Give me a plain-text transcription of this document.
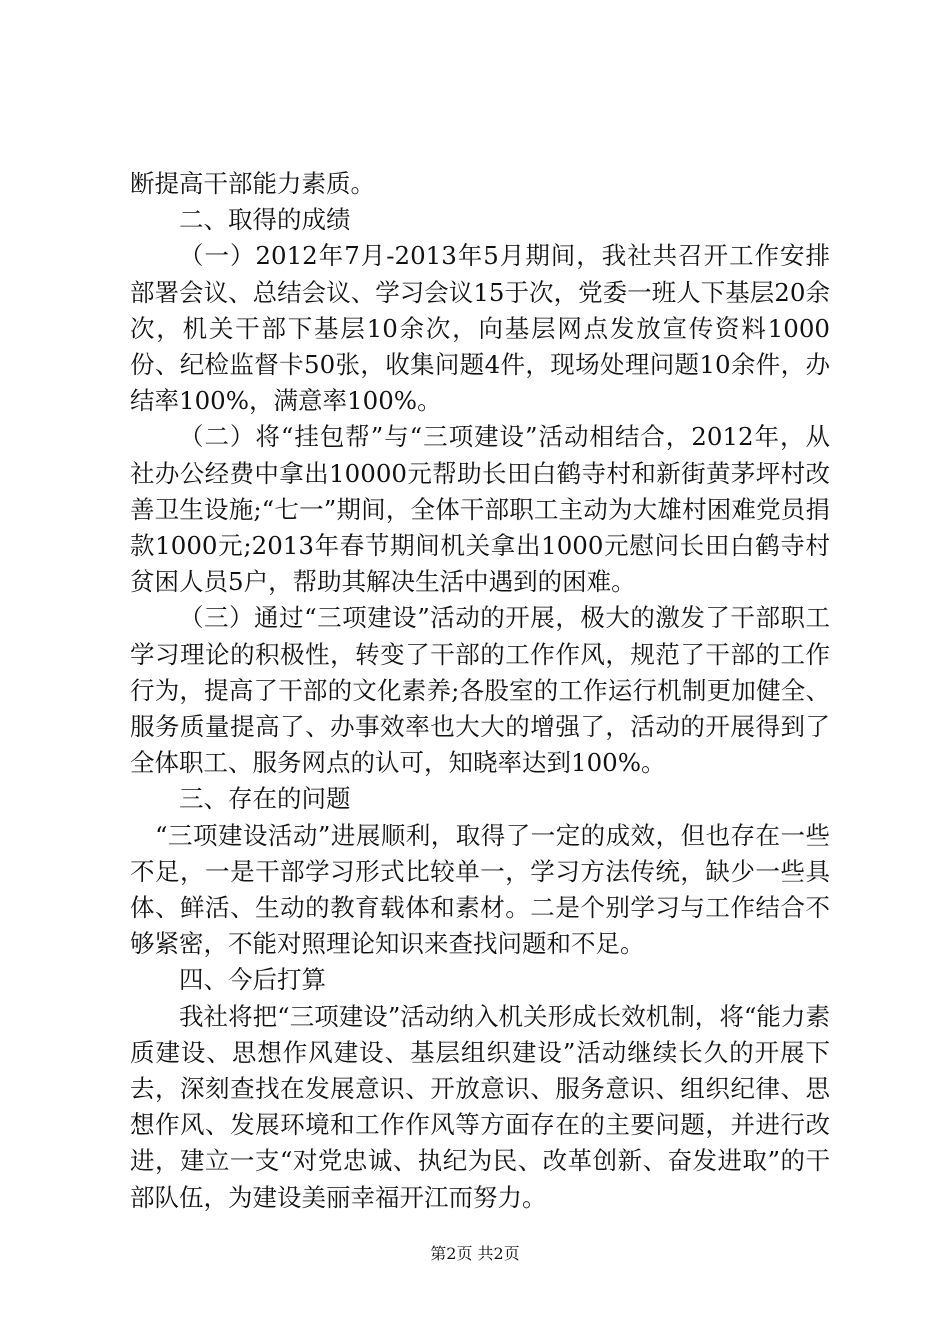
断提高干部能力素质。

二、取得的成绩

（一）2012年7月-2013年5月期间，我社共召开工作安排部署会议、总结会议、学习会议15于次，党委一班人下基层20余次，机关干部下基层10余次，向基层网点发放宣传资料1000份、纪检监督卡50张，收集问题4件，现场处理问题10余件，办结率100%，满意率100%。

（二）将“挂包帮”与“三项建设”活动相结合，2012年，从社办公经费中拿出10000元帮助长田白鹤寺村和新街黄茅坪村改善卫生设施;“七一”期间，全体干部职工主动为大雄村困难党员捐款1000元;2013年春节期间机关拿出1000元慰问长田白鹤寺村贫困人员5户，帮助其解决生活中遇到的困难。

（三）通过“三项建设”活动的开展，极大的激发了干部职工学习理论的积极性，转变了干部的工作作风，规范了干部的工作行为，提高了干部的文化素养;各股室的工作运行机制更加健全、服务质量提高了、办事效率也大大的增强了，活动的开展得到了全体职工、服务网点的认可，知晓率达到100%。

三、存在的问题

“三项建设活动”进展顺利，取得了一定的成效，但也存在一些不足，一是干部学习形式比较单一，学习方法传统，缺少一些具体、鲜活、生动的教育载体和素材。二是个别学习与工作结合不够紧密，不能对照理论知识来查找问题和不足。

四、今后打算

我社将把“三项建设”活动纳入机关形成长效机制，将“能力素质建设、思想作风建设、基层组织建设”活动继续长久的开展下去，深刻查找在发展意识、开放意识、服务意识、组织纪律、思想作风、发展环境和工作作风等方面存在的主要问题，并进行改进，建立一支“对党忠诚、执纪为民、改革创新、奋发进取”的干部队伍，为建设美丽幸福开江而努力。

第2页 共2页
